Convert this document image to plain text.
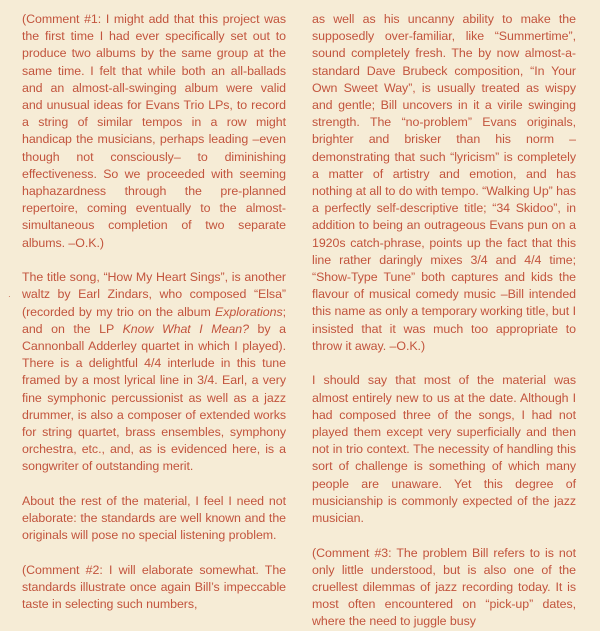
·

(Comment #1: I might add that this project was the first time I had ever specifically set out to produce two albums by the same group at the same time. I felt that while both an all-ballads and an almost-all-swinging album were valid and unusual ideas for Evans Trio LPs, to record a string of similar tempos in a row might handicap the musicians, perhaps leading –even though not consciously– to diminishing effectiveness. So we proceeded with seeming haphazardness through the pre-planned repertoire, coming eventually to the almost-simultaneous completion of two separate albums. –O.K.)

The title song, “How My Heart Sings”, is another waltz by Earl Zindars, who composed “Elsa” (recorded by my trio on the album Explorations; and on the LP Know What I Mean? by a Cannonball Adderley quartet in which I played). There is a delightful 4/4 interlude in this tune framed by a most lyrical line in 3/4. Earl, a very fine symphonic percussionist as well as a jazz drummer, is also a composer of extended works for string quartet, brass ensembles, symphony orchestra, etc., and, as is evidenced here, is a songwriter of outstanding merit.

About the rest of the material, I feel I need not elaborate: the standards are well known and the originals will pose no special listening problem.

(Comment #2: I will elaborate somewhat. The standards illustrate once again Bill’s impeccable taste in selecting such numbers,

as well as his uncanny ability to make the supposedly over-familiar, like “Summertime”, sound completely fresh. The by now almost-a-standard Dave Brubeck composition, “In Your Own Sweet Way”, is usually treated as wispy and gentle; Bill uncovers in it a virile swinging strength. The “no-problem” Evans originals, brighter and brisker than his norm –demonstrating that such “lyricism” is completely a matter of artistry and emotion, and has nothing at all to do with tempo. “Walking Up” has a perfectly self-descriptive title; “34 Skidoo”, in addition to being an outrageous Evans pun on a 1920s catch-phrase, points up the fact that this line rather daringly mixes 3/4 and 4/4 time; “Show-Type Tune” both captures and kids the flavour of musical comedy music –Bill intended this name as only a temporary working title, but I insisted that it was much too appropriate to throw it away. –O.K.)

I should say that most of the material was almost entirely new to us at the date. Although I had composed three of the songs, I had not played them except very superficially and then not in trio context. The necessity of handling this sort of challenge is something of which many people are unaware. Yet this degree of musicianship is commonly expected of the jazz musician.

(Comment #3: The problem Bill refers to is not only little understood, but is also one of the cruellest dilemmas of jazz recording today. It is most often encountered on “pick-up” dates, where the need to juggle busy
